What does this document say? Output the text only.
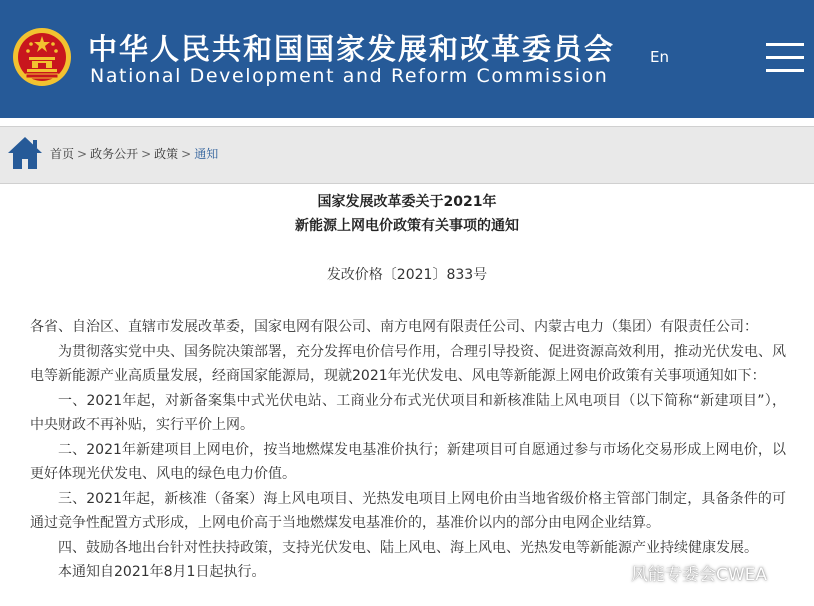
中华人民共和国国家发展和改革委员会
National Development and Reform Commission
En
首页 > 政务公开 > 政策 > 通知
国家发展改革委关于2021年
新能源上网电价政策有关事项的通知
发改价格〔2021〕833号

各省、自治区、直辖市发展改革委，国家电网有限公司、南方电网有限责任公司、内蒙古电力（集团）有限责任公司：

为贯彻落实党中央、国务院决策部署，充分发挥电价信号作用，合理引导投资、促进资源高效利用，推动光伏发电、风电等新能源产业高质量发展，经商国家能源局，现就2021年光伏发电、风电等新能源上网电价政策有关事项通知如下：

一、2021年起，对新备案集中式光伏电站、工商业分布式光伏项目和新核准陆上风电项目（以下简称“新建项目”），中央财政不再补贴，实行平价上网。

二、2021年新建项目上网电价，按当地燃煤发电基准价执行；新建项目可自愿通过参与市场化交易形成上网电价，以更好体现光伏发电、风电的绿色电力价值。

三、2021年起，新核准（备案）海上风电项目、光热发电项目上网电价由当地省级价格主管部门制定，具备条件的可通过竞争性配置方式形成，上网电价高于当地燃煤发电基准价的，基准价以内的部分由电网企业结算。

四、鼓励各地出台针对性扶持政策，支持光伏发电、陆上风电、海上风电、光热发电等新能源产业持续健康发展。

本通知自2021年8月1日起执行。	风能专委会CWEA
